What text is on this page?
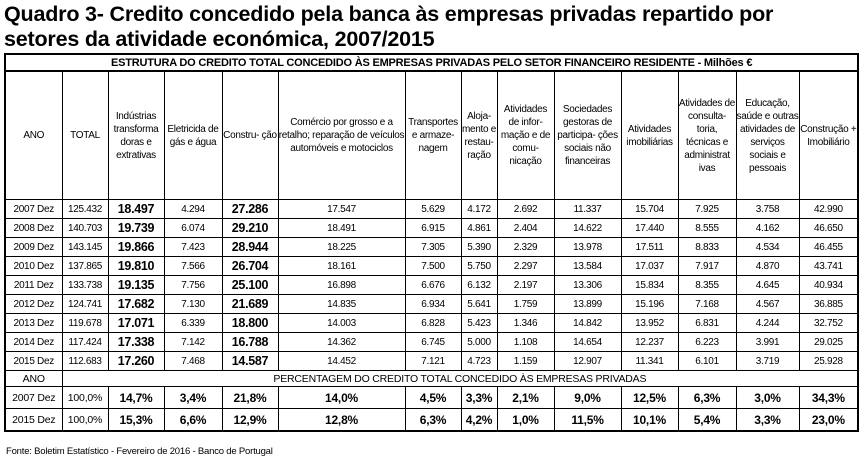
Quadro 3- Credito concedido pela banca às empresas privadas repartido por setores da atividade económica, 2007/2015
ESTRUTURA DO CREDITO TOTAL CONCEDIDO ÀS EMPRESAS PRIVADAS PELO SETOR FINANCEIRO RESIDENTE - Milhões €													
ANO	TOTAL	Indústrias transforma doras e extrativas	Eletricida de gás e água	Constru- ção	Comércio por grosso e a retalho; reparação de veículos automóveis e motociclos	Transportes e armaze- nagem	Aloja- mento e restau- ração	Atividades de infor- mação e de comu- nicação	Sociedades gestoras de participa- ções sociais não financeiras	Atividades imobiliárias	Atividades de consulta- toria, técnicas e administrat ivas	Educação, saúde e outras atividades de serviços sociais e pessoais	Construção + Imobiliário
2007 Dez	125.432	18.497	4.294	27.286	17.547	5.629	4.172	2.692	11.337	15.704	7.925	3.758	42.990
2008 Dez	140.703	19.739	6.074	29.210	18.491	6.915	4.861	2.404	14.622	17.440	8.555	4.162	46.650
2009 Dez	143.145	19.866	7.423	28.944	18.225	7.305	5.390	2.329	13.978	17.511	8.833	4.534	46.455
2010 Dez	137.865	19.810	7.566	26.704	18.161	7.500	5.750	2.297	13.584	17.037	7.917	4.870	43.741
2011 Dez	133.738	19.135	7.756	25.100	16.898	6.676	6.132	2.197	13.306	15.834	8.355	4.645	40.934
2012 Dez	124.741	17.682	7.130	21.689	14.835	6.934	5.641	1.759	13.899	15.196	7.168	4.567	36.885
2013 Dez	119.678	17.071	6.339	18.800	14.003	6.828	5.423	1.346	14.842	13.952	6.831	4.244	32.752
2014 Dez	117.424	17.338	7.142	16.788	14.362	6.745	5.000	1.108	14.654	12.237	6.223	3.991	29.025
2015 Dez	112.683	17.260	7.468	14.587	14.452	7.121	4.723	1.159	12.907	11.341	6.101	3.719	25.928
ANO	PERCENTAGEM DO CREDITO TOTAL CONCEDIDO ÀS EMPRESAS PRIVADAS												
2007 Dez	100,0%	14,7%	3,4%	21,8%	14,0%	4,5%	3,3%	2,1%	9,0%	12,5%	6,3%	3,0%	34,3%
2015 Dez	100,0%	15,3%	6,6%	12,9%	12,8%	6,3%	4,2%	1,0%	11,5%	10,1%	5,4%	3,3%	23,0%
Fonte: Boletim Estatístico - Fevereiro de 2016 - Banco de Portugal
